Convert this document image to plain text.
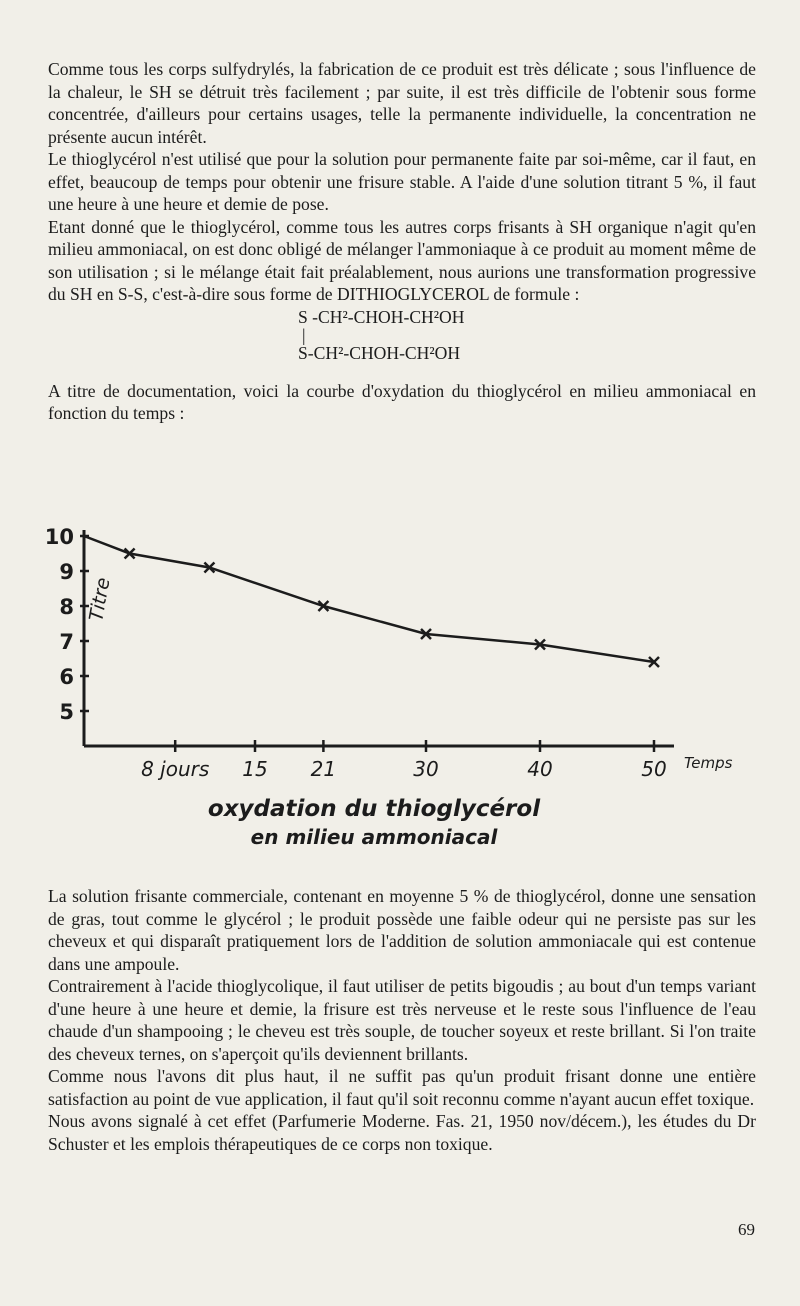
Comme tous les corps sulfydrylés, la fabrication de ce produit est très délicate ; sous l'influence de la chaleur, le SH se détruit très facilement ; par suite, il est très difficile de l'obtenir sous forme concentrée, d'ailleurs pour certains usages, telle la permanente individuelle, la concentration ne présente aucun intérêt.

Le thioglycérol n'est utilisé que pour la solution pour permanente faite par soi-même, car il faut, en effet, beaucoup de temps pour obtenir une frisure stable. A l'aide d'une solution titrant 5 %, il faut une heure à une heure et demie de pose.

Etant donné que le thioglycérol, comme tous les autres corps frisants à SH organique n'agit qu'en milieu ammoniacal, on est donc obligé de mélanger l'ammoniaque à ce produit au moment même de son utilisation ; si le mélange était fait préalablement, nous aurions une transformation progressive du SH en S-S, c'est-à-dire sous forme de DITHIOGLYCEROL de formule :

S -CH²-CHOH-CH²OH
|
S-CH²-CHOH-CH²OH

A titre de documentation, voici la courbe d'oxydation du thioglycérol en milieu ammoniacal en fonction du temps :

10
9
8
7
6
5
8 jours 15 21	30	40	50
Titre
Temps
oxydation du thioglycérol
en milieu ammoniacal

La solution frisante commerciale, contenant en moyenne 5 % de thioglycérol, donne une sensation de gras, tout comme le glycérol ; le produit possède une faible odeur qui ne persiste pas sur les cheveux et qui disparaît pratiquement lors de l'addition de solution ammoniacale qui est contenue dans une ampoule.

Contrairement à l'acide thioglycolique, il faut utiliser de petits bigoudis ; au bout d'un temps variant d'une heure à une heure et demie, la frisure est très nerveuse et le reste sous l'influence de l'eau chaude d'un shampooing ; le cheveu est très souple, de toucher soyeux et reste brillant. Si l'on traite des cheveux ternes, on s'aperçoit qu'ils deviennent brillants.

Comme nous l'avons dit plus haut, il ne suffit pas qu'un produit frisant donne une entière satisfaction au point de vue application, il faut qu'il soit reconnu comme n'ayant aucun effet toxique.

Nous avons signalé à cet effet (Parfumerie Moderne. Fas. 21, 1950 nov/décem.), les études du Dr Schuster et les emplois thérapeutiques de ce corps non toxique.

69
